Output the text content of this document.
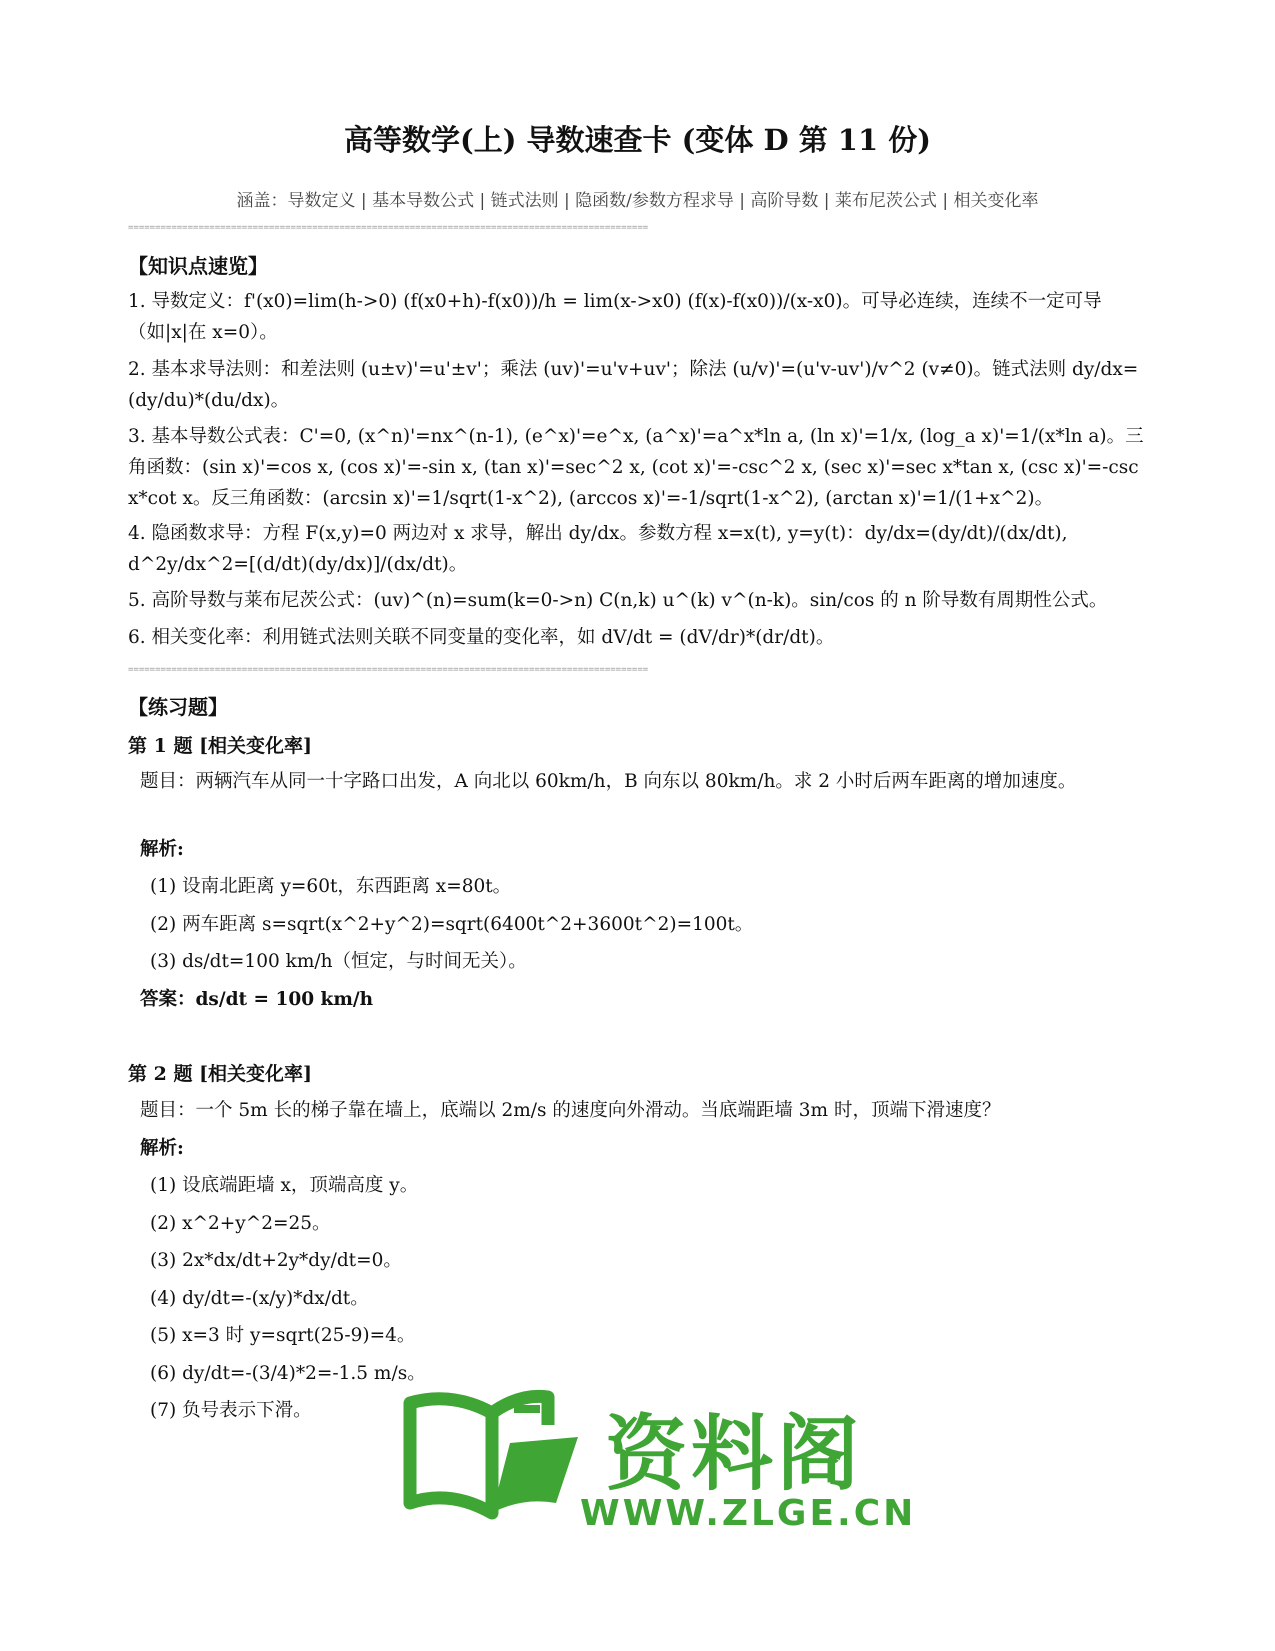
高等数学(上) 导数速查卡 (变体 D 第 11 份)

涵盖：导数定义 | 基本导数公式 | 链式法则 | 隐函数/参数方程求导 | 高阶导数 | 莱布尼茨公式 | 相关变化率

================================================================================================
【知识点速览】

1. 导数定义：f'(x0)=lim(h->0) (f(x0+h)-f(x0))/h = lim(x->x0) (f(x)-f(x0))/(x-x0)。可导必连续，连续不一定可导（如|x|在 x=0）。

2. 基本求导法则：和差法则 (u±v)'=u'±v'；乘法 (uv)'=u'v+uv'；除法 (u/v)'=(u'v-uv')/v^2 (v≠0)。链式法则 dy/dx=(dy/du)*(du/dx)。

3. 基本导数公式表：C'=0, (x^n)'=nx^(n-1), (e^x)'=e^x, (a^x)'=a^x*ln a, (ln x)'=1/x, (log_a x)'=1/(x*ln a)。三角函数：(sin x)'=cos x, (cos x)'=-sin x, (tan x)'=sec^2 x, (cot x)'=-csc^2 x, (sec x)'=sec x*tan x, (csc x)'=-csc x*cot x。反三角函数：(arcsin x)'=1/sqrt(1-x^2), (arccos x)'=-1/sqrt(1-x^2), (arctan x)'=1/(1+x^2)。

4. 隐函数求导：方程 F(x,y)=0 两边对 x 求导，解出 dy/dx。参数方程 x=x(t), y=y(t)：dy/dx=(dy/dt)/(dx/dt), d^2y/dx^2=[(d/dt)(dy/dx)]/(dx/dt)。

5. 高阶导数与莱布尼茨公式：(uv)^(n)=sum(k=0->n) C(n,k) u^(k) v^(n-k)。sin/cos 的 n 阶导数有周期性公式。

6. 相关变化率：利用链式法则关联不同变量的变化率，如 dV/dt = (dV/dr)*(dr/dt)。

================================================================================================
【练习题】
第 1 题 [相关变化率]

题目：两辆汽车从同一十字路口出发，A 向北以 60km/h，B 向东以 80km/h。求 2 小时后两车距离的增加速度。

解析:

(1) 设南北距离 y=60t，东西距离 x=80t。

(2) 两车距离 s=sqrt(x^2+y^2)=sqrt(6400t^2+3600t^2)=100t。

(3) ds/dt=100 km/h（恒定，与时间无关）。

答案：ds/dt = 100 km/h

第 2 题 [相关变化率]

题目：一个 5m 长的梯子靠在墙上，底端以 2m/s 的速度向外滑动。当底端距墙 3m 时，顶端下滑速度？

解析:

(1) 设底端距墙 x，顶端高度 y。

(2) x^2+y^2=25。

(3) 2x*dx/dt+2y*dy/dt=0。

(4) dy/dt=-(x/y)*dx/dt。

(5) x=3 时 y=sqrt(25-9)=4。

(6) dy/dt=-(3/4)*2=-1.5 m/s。

(7) 负号表示下滑。	资料阁
WWW.ZLGE.CN
